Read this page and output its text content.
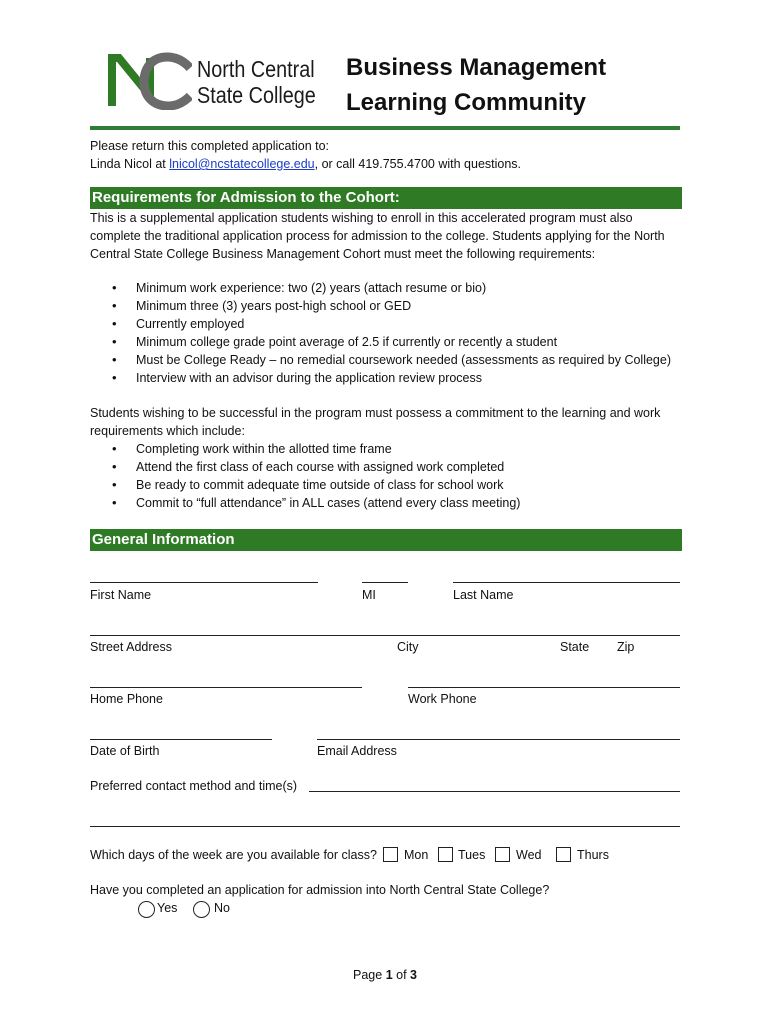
North Central
State College
Business Management
Learning Community
Please return this completed application to:
Linda Nicol at lnicol@ncstatecollege.edu, or call 419.755.4700 with questions.
Requirements for Admission to the Cohort:
This is a supplemental application students wishing to enroll in this accelerated program must also complete the traditional application process for admission to the college. Students applying for the North Central State College Business Management Cohort must meet the following requirements:
• Minimum work experience: two (2) years (attach resume or bio)
• Minimum three (3) years post-high school or GED
• Currently employed
• Minimum college grade point average of 2.5 if currently or recently a student
• Must be College Ready – no remedial coursework needed (assessments as required by College)
• Interview with an advisor during the application review process
Students wishing to be successful in the program must possess a commitment to the learning and work requirements which include:
• Completing work within the allotted time frame
• Attend the first class of each course with assigned work completed
• Be ready to commit adequate time outside of class for school work
• Commit to “full attendance” in ALL cases (attend every class meeting)
General Information
First Name	MI	Last Name
Street Address	City	State Zip
Home Phone	Work Phone
Date of Birth	Email Address
Preferred contact method and time(s)
Which days of the week are you available for class? Mon Tues Wed	Thurs
Have you completed an application for admission into North Central State College?
Yes	No
Page 1 of 3
